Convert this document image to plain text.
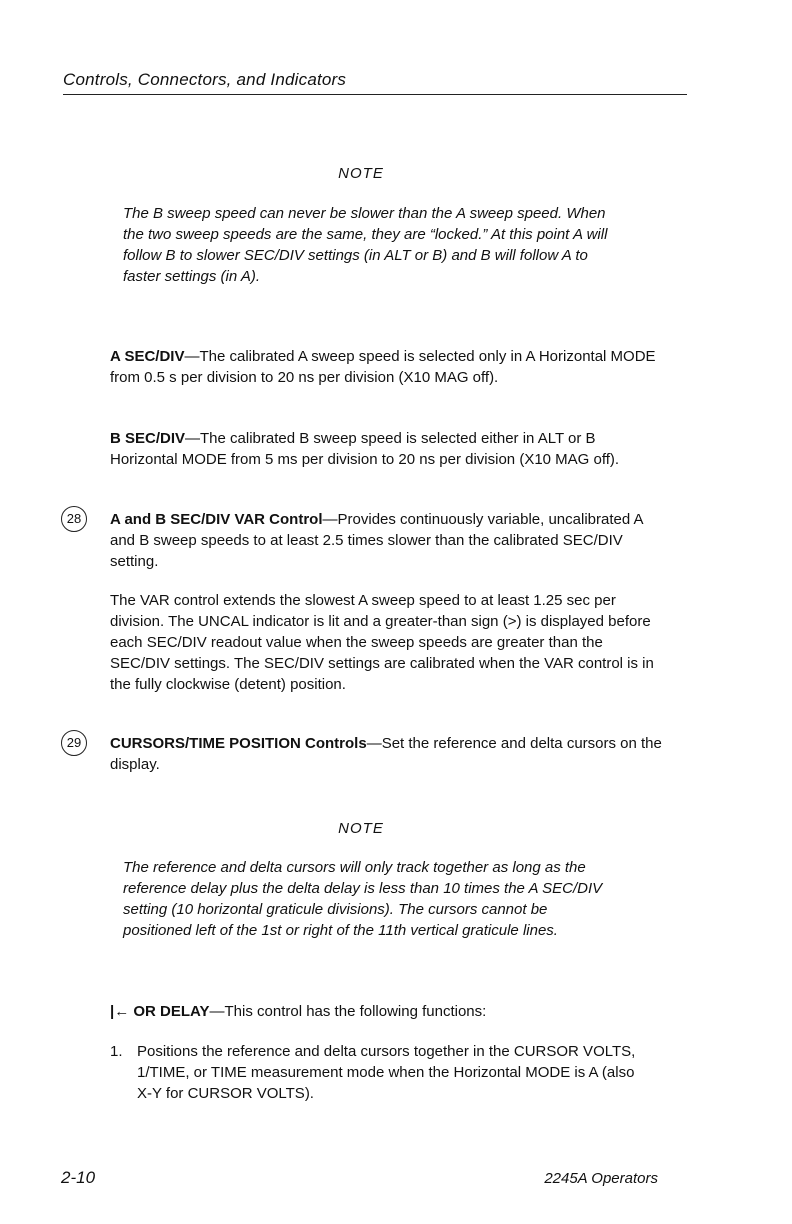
Controls, Connectors, and Indicators
NOTE
The B sweep speed can never be slower than the A sweep speed. When the two sweep speeds are the same, they are “locked.” At this point A will follow B to slower SEC/DIV settings (in ALT or B) and B will follow A to faster settings (in A).
A SEC/DIV—The calibrated A sweep speed is selected only in A Horizontal MODE from 0.5 s per division to 20 ns per division (X10 MAG off).
B SEC/DIV—The calibrated B sweep speed is selected either in ALT or B Horizontal MODE from 5 ms per division to 20 ns per division (X10 MAG off).
28	A and B SEC/DIV VAR Control—Provides continuously variable, uncalibrated A and B sweep speeds to at least 2.5 times slower than the calibrated SEC/DIV setting.
The VAR control extends the slowest A sweep speed to at least 1.25 sec per division. The UNCAL indicator is lit and a greater-than sign (>) is displayed before each SEC/DIV readout value when the sweep speeds are greater than the SEC/DIV settings. The SEC/DIV settings are calibrated when the VAR control is in the fully clockwise (detent) position.
29	CURSORS/TIME POSITION Controls—Set the reference and delta cursors on the display.
NOTE
The reference and delta cursors will only track together as long as the reference delay plus the delta delay is less than 10 times the A SEC/DIV setting (10 horizontal graticule divisions). The cursors cannot be positioned left of the 1st or right of the 11th vertical graticule lines.
|← OR DELAY—This control has the following functions:
1. Positions the reference and delta cursors together in the CURSOR VOLTS, 1/TIME, or TIME measurement mode when the Horizontal MODE is A (also X-Y for CURSOR VOLTS).
2-10	2245A Operators
